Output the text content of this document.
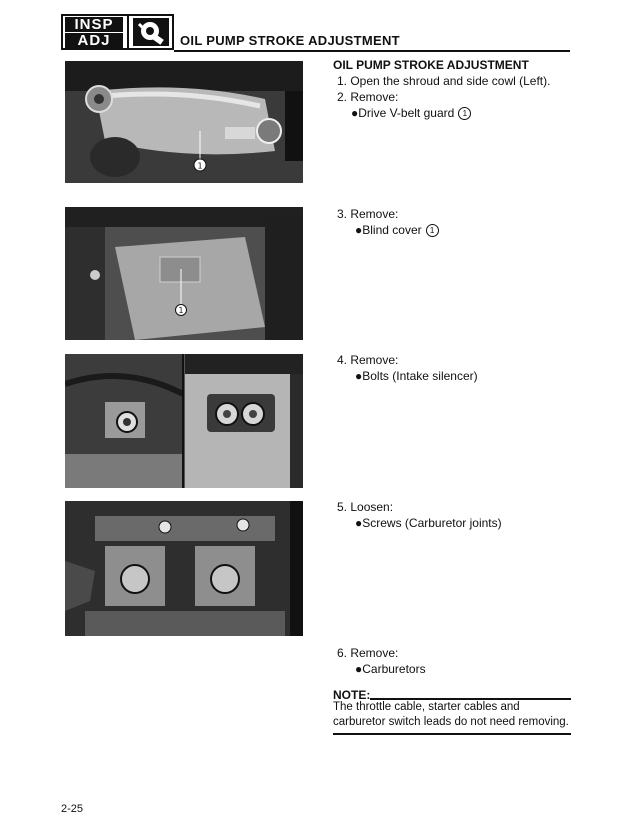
INSP
ADJ	OIL PUMP STROKE ADJUSTMENT
1
1
OIL PUMP STROKE ADJUSTMENT
1. Open the shroud and side cowl (Left).
2. Remove:
●Drive V-belt guard 1
3. Remove:
●Blind cover 1
4. Remove:
●Bolts (Intake silencer)
5. Loosen:
●Screws (Carburetor joints)
6. Remove:
●Carburetors
NOTE:
The throttle cable, starter cables and carburetor switch leads do not need removing.
2-25
